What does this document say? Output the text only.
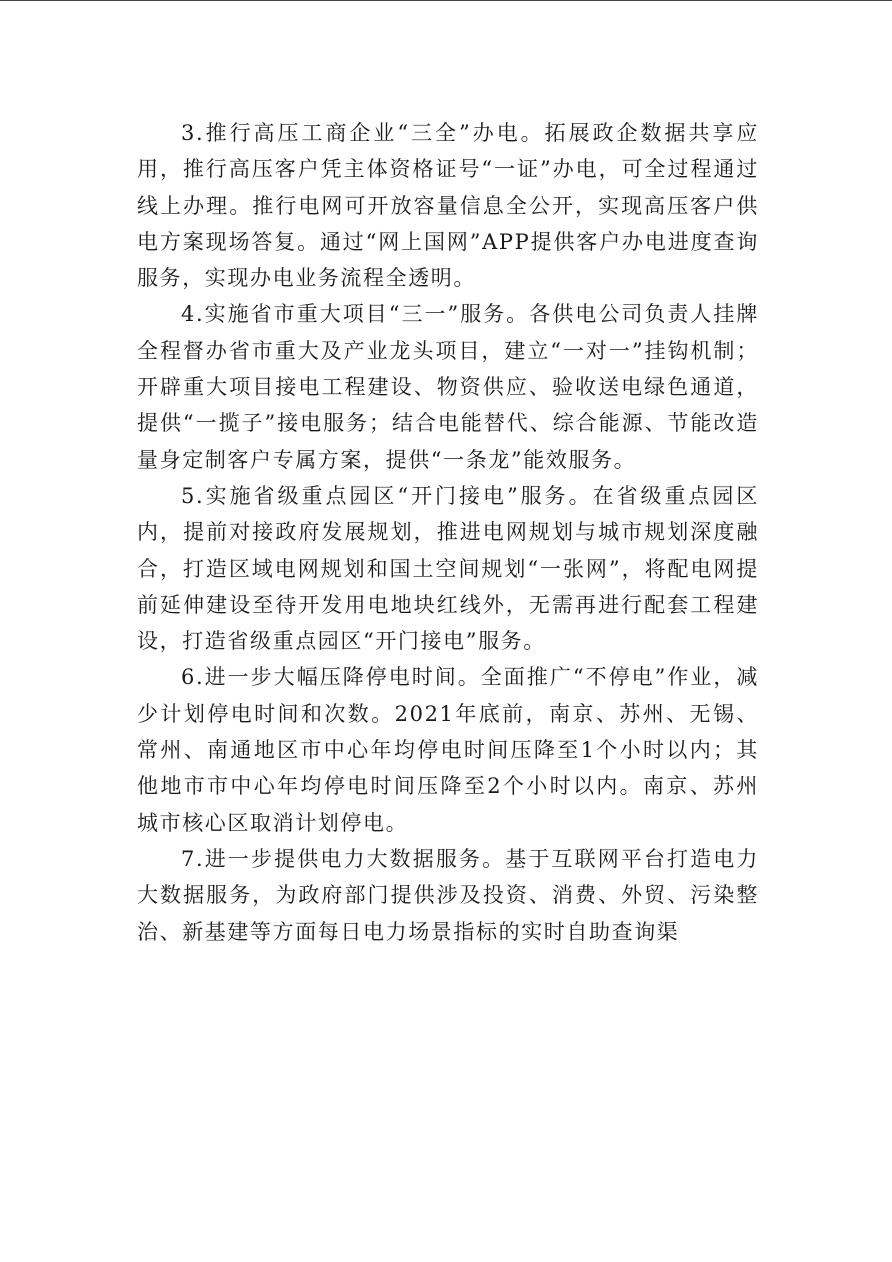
3.推行高压工商企业“三全”办电。拓展政企数据共享应用，推行高压客户凭主体资格证号“一证”办电，可全过程通过线上办理。推行电网可开放容量信息全公开，实现高压客户供电方案现场答复。通过“网上国网”APP提供客户办电进度查询服务，实现办电业务流程全透明。

4.实施省市重大项目“三一”服务。各供电公司负责人挂牌全程督办省市重大及产业龙头项目，建立“一对一”挂钩机制；开辟重大项目接电工程建设、物资供应、验收送电绿色通道，提供“一揽子”接电服务；结合电能替代、综合能源、节能改造量身定制客户专属方案，提供“一条龙”能效服务。

5.实施省级重点园区“开门接电”服务。在省级重点园区内，提前对接政府发展规划，推进电网规划与城市规划深度融合，打造区域电网规划和国土空间规划“一张网”，将配电网提前延伸建设至待开发用电地块红线外，无需再进行配套工程建设，打造省级重点园区“开门接电”服务。

6.进一步大幅压降停电时间。全面推广“不停电”作业，减少计划停电时间和次数。2021年底前，南京、苏州、无锡、常州、南通地区市中心年均停电时间压降至1个小时以内；其他地市市中心年均停电时间压降至2个小时以内。南京、苏州城市核心区取消计划停电。

7.进一步提供电力大数据服务。基于互联网平台打造电力大数据服务，为政府部门提供涉及投资、消费、外贸、污染整治、新基建等方面每日电力场景指标的实时自助查询渠
